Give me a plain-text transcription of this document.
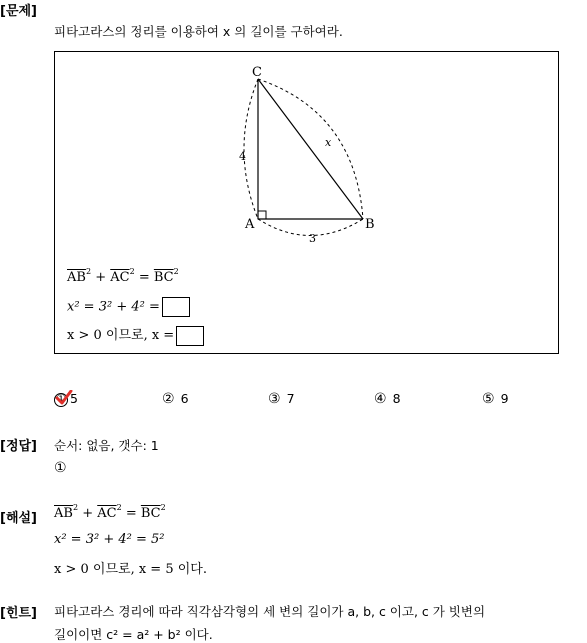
[문제]
피타고라스의 정리를 이용하여 x 의 길이를 구하여라.
C
A	B
4
3
x
$\overline{AB}^2 + \overline{AC}^2 = \overline{BC}^2$
x² = 3² + 4² =
x > 0 이므로, x =
① 5	② 6	③ 7	④ 8	⑤ 9
[정답] 순서: 없음, 갯수: 1
①
[해설] $\overline{AB}^2 + \overline{AC}^2 = \overline{BC}^2$
x² = 3² + 4² = 5²
x > 0 이므로, x = 5 이다.
[힌트] 피타고라스 경리에 따라 직각삼각형의 세 변의 길이가 a, b, c 이고, c 가 빗변의
길이이면 c² = a² + b² 이다.
